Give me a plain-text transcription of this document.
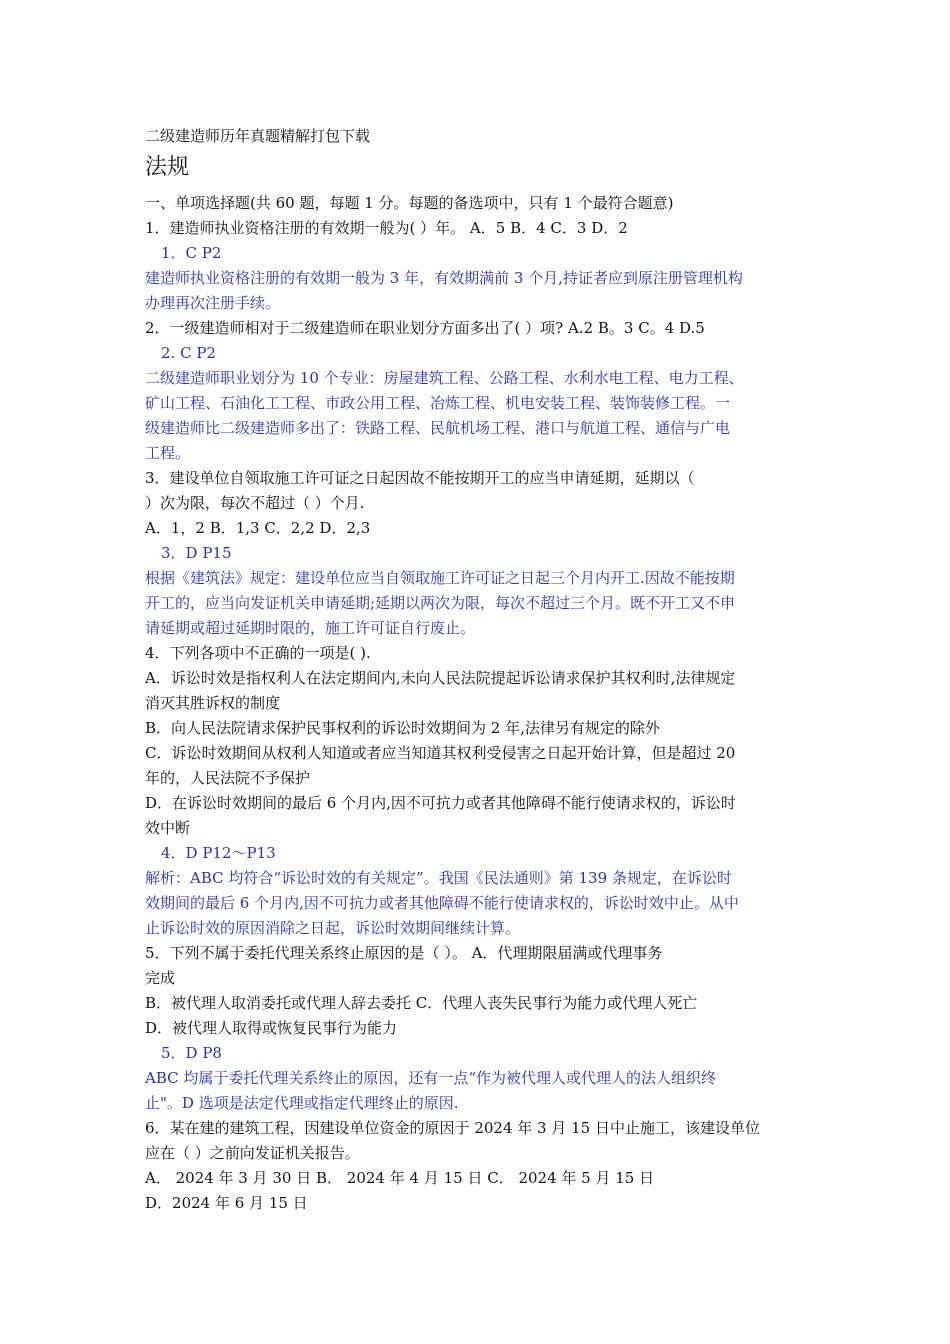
二级建造师历年真题精解打包下载
法规
一、单项选择题(共 60 题，每题 1 分。每题的备选项中，只有 1 个最符合题意)
1．建造师执业资格注册的有效期一般为( ）年。 A．5 B．4 C．3 D．2
1．C P2
建造师执业资格注册的有效期一般为 3 年，有效期满前 3 个月,持证者应到原注册管理机构
办理再次注册手续。
2．一级建造师相对于二级建造师在职业划分方面多出了( ）项? A.2 B。3 C。4 D.5
2. C P2
二级建造师职业划分为 10 个专业：房屋建筑工程、公路工程、水利水电工程、电力工程、
矿山工程、石油化工工程、市政公用工程、冶炼工程、机电安装工程、装饰装修工程。一
级建造师比二级建造师多出了：铁路工程、民航机场工程、港口与航道工程、通信与广电
工程。
3．建设单位自领取施工许可证之日起因故不能按期开工的应当申请延期，延期以（
）次为限，每次不超过（ ）个月.
A．1，2 B．1,3 C．2,2 D．2,3
3．D P15
根据《建筑法》规定：建设单位应当自领取施工许可证之日起三个月内开工.因故不能按期
开工的，应当向发证机关申请延期;延期以两次为限，每次不超过三个月。既不开工又不申
请延期或超过延期时限的，施工许可证自行废止。
4．下列各项中不正确的一项是( ).
A．诉讼时效是指权利人在法定期间内,未向人民法院提起诉讼请求保护其权利时,法律规定
消灭其胜诉权的制度
B．向人民法院请求保护民事权利的诉讼时效期间为 2 年,法律另有规定的除外
C．诉讼时效期间从权利人知道或者应当知道其权利受侵害之日起开始计算，但是超过 20
年的，人民法院不予保护
D．在诉讼时效期间的最后 6 个月内,因不可抗力或者其他障碍不能行使请求权的，诉讼时
效中断
4．D P12～P13
解析：ABC 均符合“诉讼时效的有关规定”。我国《民法通则》第 139 条规定，在诉讼时
效期间的最后 6 个月内,因不可抗力或者其他障碍不能行使请求权的，诉讼时效中止。从中
止诉讼时效的原因消除之日起，诉讼时效期间继续计算。
5．下列不属于委托代理关系终止原因的是（ ）。 A．代理期限届满或代理事务
完成
B．被代理人取消委托或代理人辞去委托 C．代理人丧失民事行为能力或代理人死亡
D．被代理人取得或恢复民事行为能力
5．D P8
ABC 均属于委托代理关系终止的原因，还有一点“作为被代理人或代理人的法人组织终
止"。D 选项是法定代理或指定代理终止的原因.
6．某在建的建筑工程，因建设单位资金的原因于 2024 年 3 月 15 日中止施工，该建设单位
应在（ ）之前向发证机关报告。
A． 2024 年 3 月 30 日 B． 2024 年 4 月 15 日 C． 2024 年 5 月 15 日
D．2024 年 6 月 15 日
